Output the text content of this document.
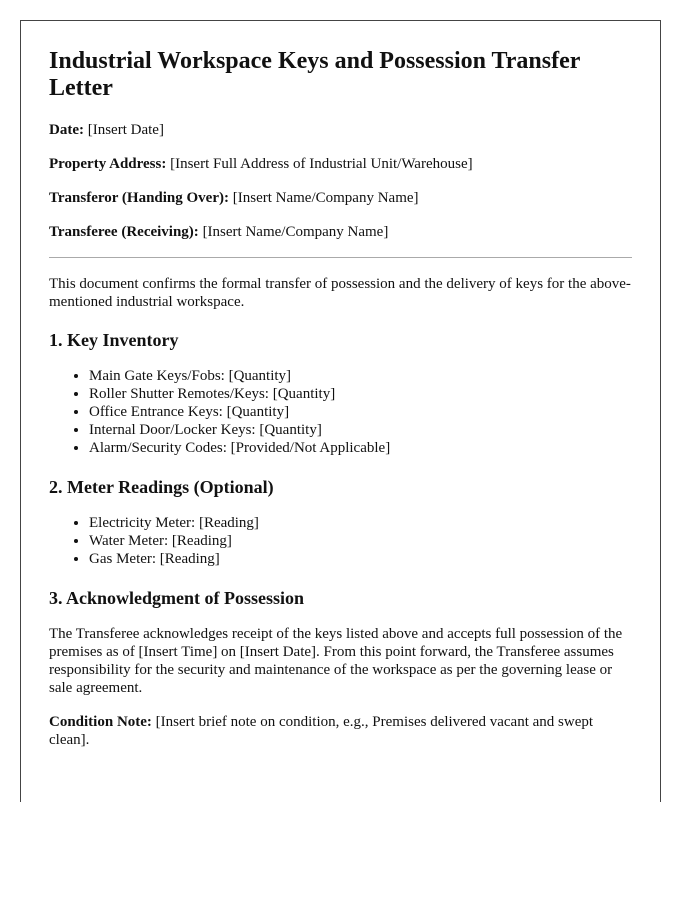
Industrial Workspace Keys and Possession Transfer Letter
Date: [Insert Date]
Property Address: [Insert Full Address of Industrial Unit/Warehouse]
Transferor (Handing Over): [Insert Name/Company Name]
Transferee (Receiving): [Insert Name/Company Name]

This document confirms the formal transfer of possession and the delivery of keys for the above-mentioned industrial workspace.

1. Key Inventory
• Main Gate Keys/Fobs: [Quantity]
• Roller Shutter Remotes/Keys: [Quantity]
• Office Entrance Keys: [Quantity]
• Internal Door/Locker Keys: [Quantity]
• Alarm/Security Codes: [Provided/Not Applicable]
2. Meter Readings (Optional)
• Electricity Meter: [Reading]
• Water Meter: [Reading]
• Gas Meter: [Reading]
3. Acknowledgment of Possession

The Transferee acknowledges receipt of the keys listed above and accepts full possession of the premises as of [Insert Time] on [Insert Date]. From this point forward, the Transferee assumes responsibility for the security and maintenance of the workspace as per the governing lease or sale agreement.

Condition Note: [Insert brief note on condition, e.g., Premises delivered vacant and swept clean].
